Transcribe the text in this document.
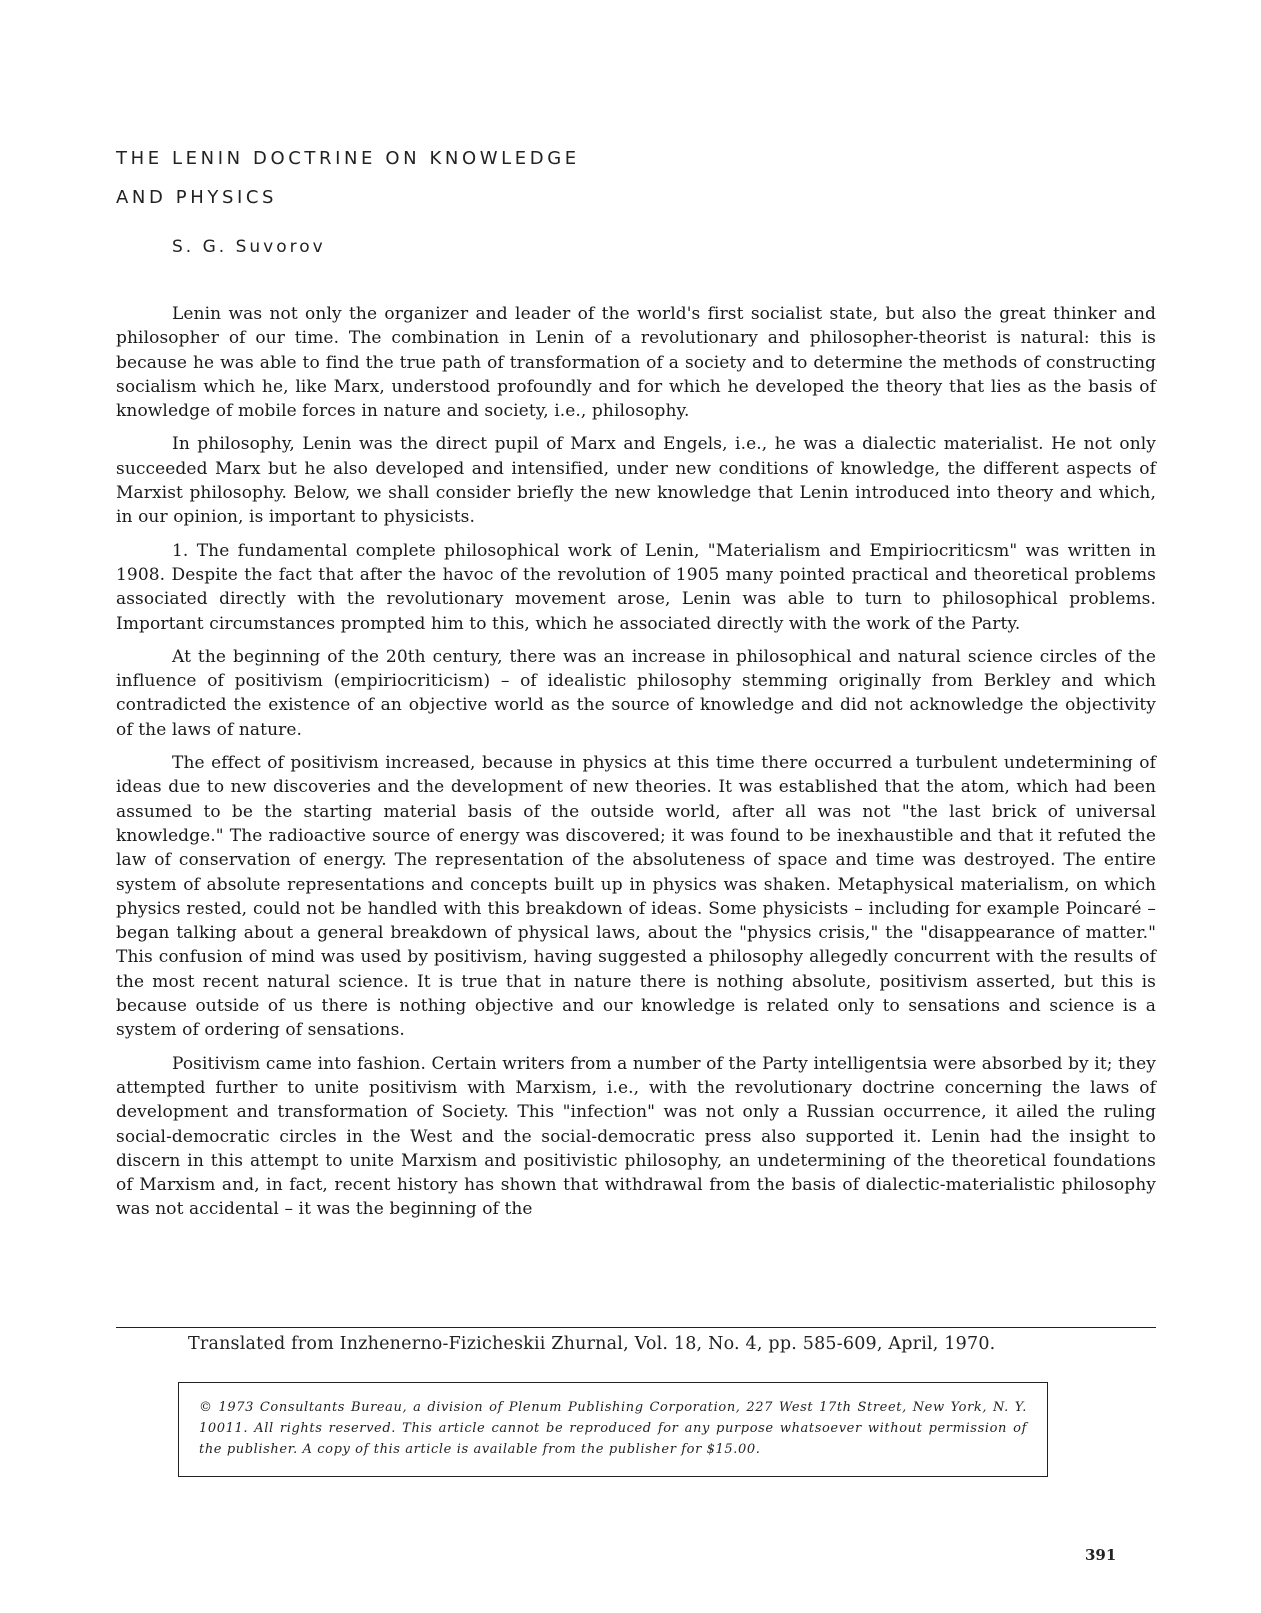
THE LENIN DOCTRINE ON KNOWLEDGE
AND PHYSICS
S. G. Suvorov

Lenin was not only the organizer and leader of the world's first socialist state, but also the great thinker and philosopher of our time. The combination in Lenin of a revolutionary and philosopher-theorist is natural: this is because he was able to find the true path of transformation of a society and to determine the methods of constructing socialism which he, like Marx, understood profoundly and for which he developed the theory that lies as the basis of knowledge of mobile forces in nature and society, i.e., philosophy.

In philosophy, Lenin was the direct pupil of Marx and Engels, i.e., he was a dialectic materialist. He not only succeeded Marx but he also developed and intensified, under new conditions of knowledge, the different aspects of Marxist philosophy. Below, we shall consider briefly the new knowledge that Lenin introduced into theory and which, in our opinion, is important to physicists.

1. The fundamental complete philosophical work of Lenin, "Materialism and Empiriocriticsm" was written in 1908. Despite the fact that after the havoc of the revolution of 1905 many pointed practical and theoretical problems associated directly with the revolutionary movement arose, Lenin was able to turn to philosophical problems. Important circumstances prompted him to this, which he associated directly with the work of the Party.

At the beginning of the 20th century, there was an increase in philosophical and natural science circles of the influence of positivism (empiriocriticism) – of idealistic philosophy stemming originally from Berkley and which contradicted the existence of an objective world as the source of knowledge and did not acknowledge the objectivity of the laws of nature.

The effect of positivism increased, because in physics at this time there occurred a turbulent undetermining of ideas due to new discoveries and the development of new theories. It was established that the atom, which had been assumed to be the starting material basis of the outside world, after all was not "the last brick of universal knowledge." The radioactive source of energy was discovered; it was found to be inexhaustible and that it refuted the law of conservation of energy. The representation of the absoluteness of space and time was destroyed. The entire system of absolute representations and concepts built up in physics was shaken. Metaphysical materialism, on which physics rested, could not be handled with this breakdown of ideas. Some physicists – including for example Poincaré – began talking about a general breakdown of physical laws, about the "physics crisis," the "disappearance of matter." This confusion of mind was used by positivism, having suggested a philosophy allegedly concurrent with the results of the most recent natural science. It is true that in nature there is nothing absolute, positivism asserted, but this is because outside of us there is nothing objective and our knowledge is related only to sensations and science is a system of ordering of sensations.

Positivism came into fashion. Certain writers from a number of the Party intelligentsia were absorbed by it; they attempted further to unite positivism with Marxism, i.e., with the revolutionary doctrine concerning the laws of development and transformation of Society. This "infection" was not only a Russian occurrence, it ailed the ruling social-democratic circles in the West and the social-democratic press also supported it. Lenin had the insight to discern in this attempt to unite Marxism and positivistic philosophy, an undetermining of the theoretical foundations of Marxism and, in fact, recent history has shown that withdrawal from the basis of dialectic-materialistic philosophy was not accidental – it was the beginning of the

Translated from Inzhenerno-Fizicheskii Zhurnal, Vol. 18, No. 4, pp. 585-609, April, 1970.

© 1973 Consultants Bureau, a division of Plenum Publishing Corporation, 227 West 17th Street, New York, N. Y. 10011. All rights reserved. This article cannot be reproduced for any purpose whatsoever without permission of the publisher. A copy of this article is available from the publisher for $15.00.

391
